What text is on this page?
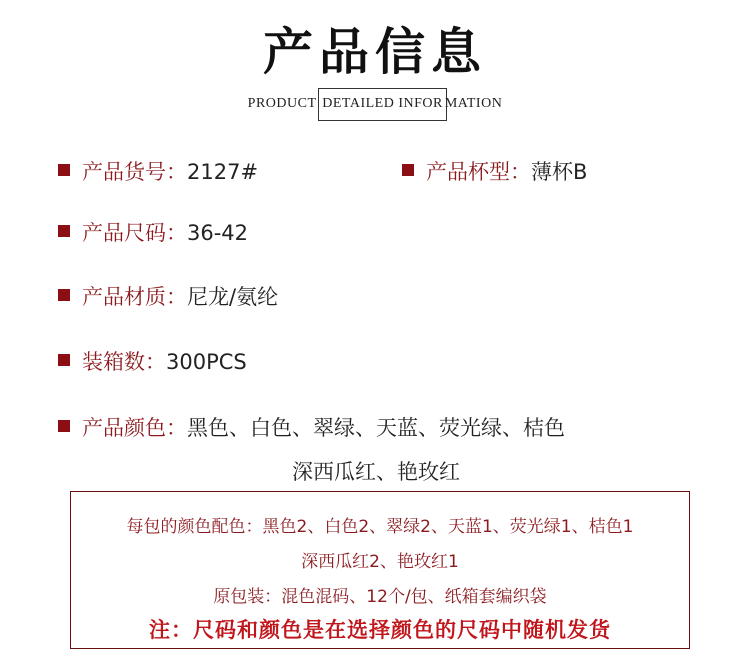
产品信息
PRODUCT DETAILED INFOR MATION
产品货号：2127#	产品杯型：薄杯B
产品尺码：36-42
产品材质：尼龙/氨纶
装箱数：300PCS
产品颜色：黑色、白色、翠绿、天蓝、荧光绿、桔色
深西瓜红、艳玫红
每包的颜色配色：黑色2、白色2、翠绿2、天蓝1、荧光绿1、桔色1
深西瓜红2、艳玫红1
原包装：混色混码、12个/包、纸箱套编织袋
注：尺码和颜色是在选择颜色的尺码中随机发货
